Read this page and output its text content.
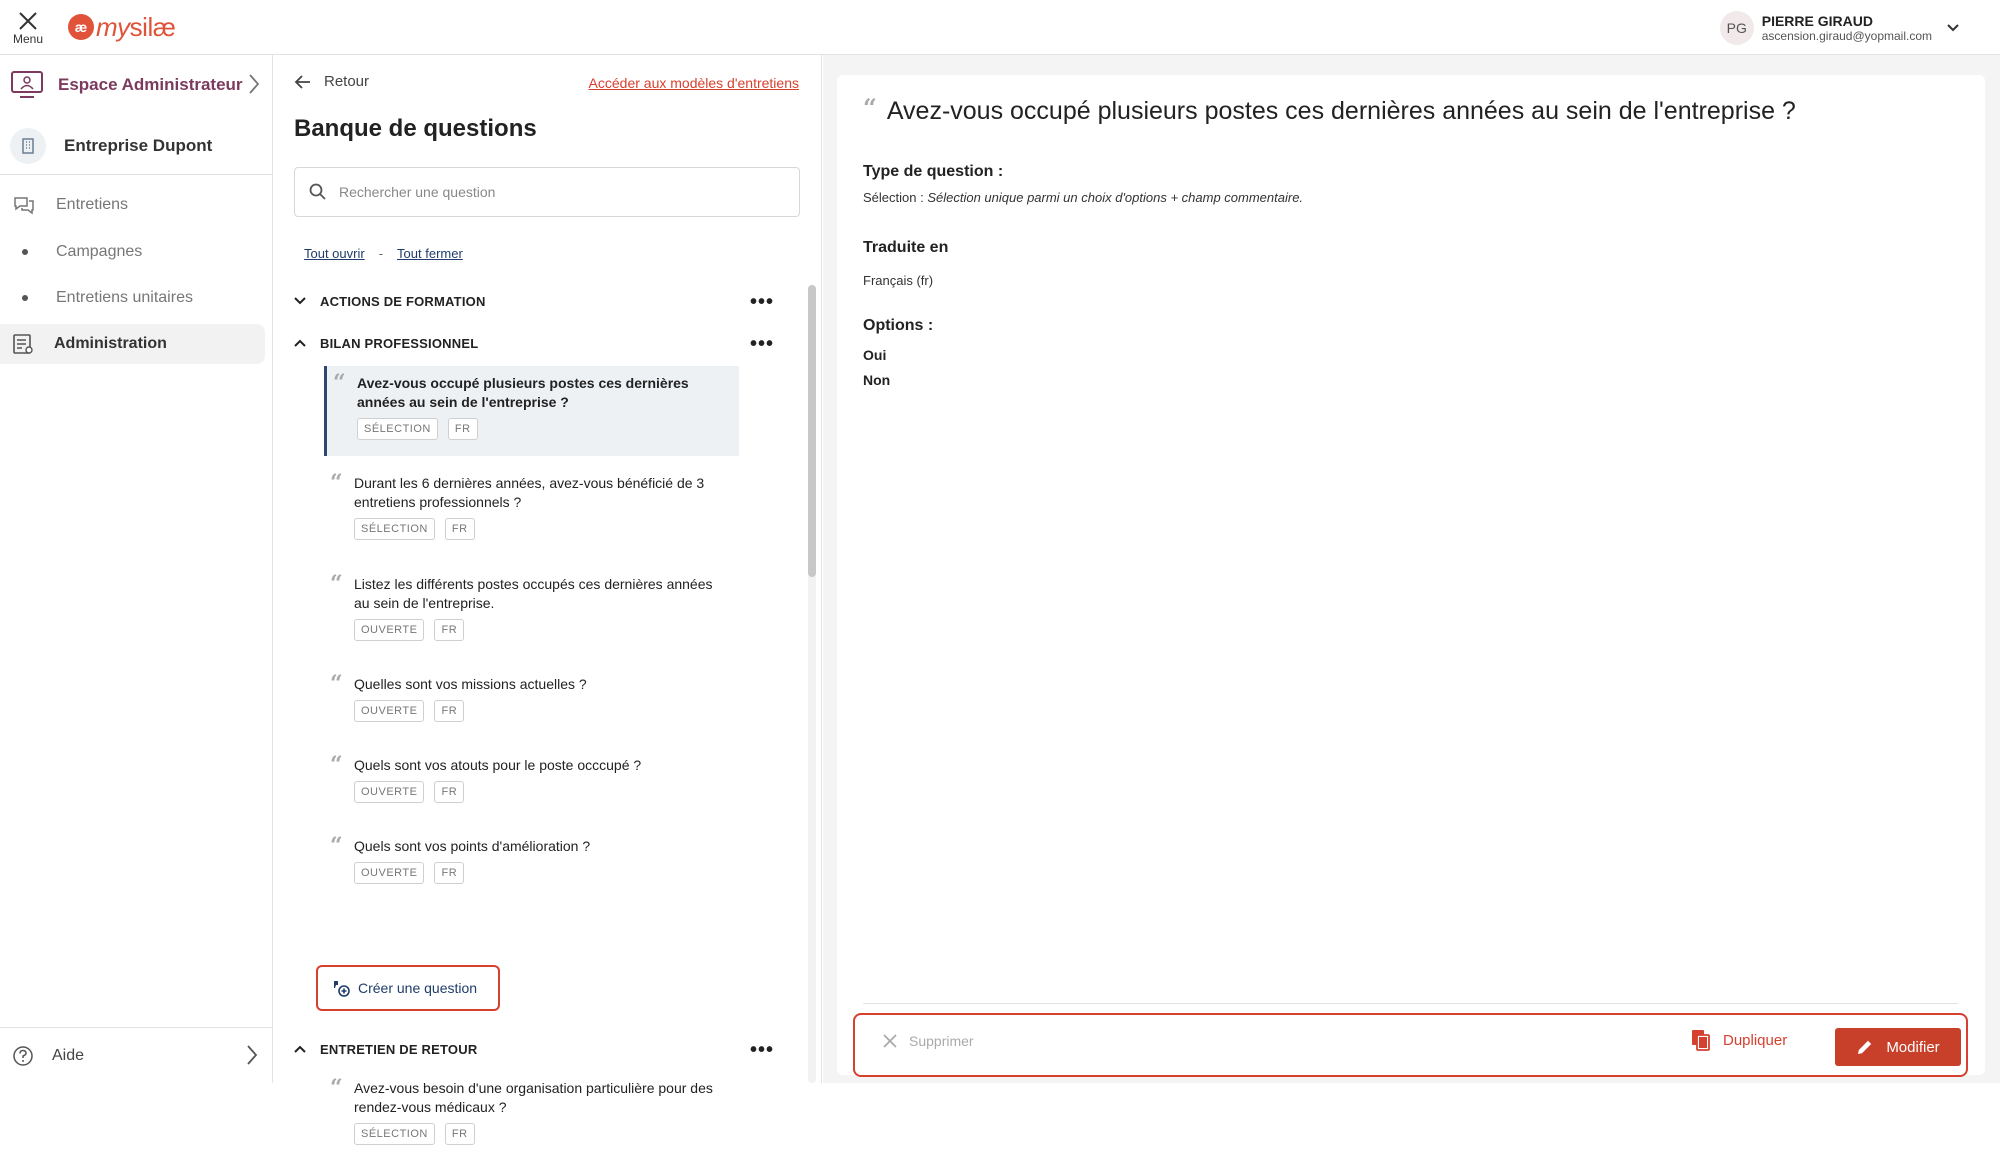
Menu
æ mysilæ	PG	PIERRE GIRAUD
ascension.giraud@yopmail.com
Espace Administrateur
Entreprise Dupont
Entretiens
Campagnes
Entretiens unitaires
Administration
Aide
Retour	Accéder aux modèles d'entretiens
Banque de questions
Rechercher une question
Tout ouvrir - Tout fermer
ACTIONS DE FORMATION	•••
BILAN PROFESSIONNEL	•••
“ Avez-vous occupé plusieurs postes ces dernières années au sein de l'entreprise ?
SÉLECTION	FR
“ Durant les 6 dernières années, avez-vous bénéficié de 3 entretiens professionnels ?
SÉLECTION	FR
“ Listez les différents postes occupés ces dernières années au sein de l'entreprise.
OUVERTE	FR
“ Quelles sont vos missions actuelles ?
OUVERTE	FR
“ Quels sont vos atouts pour le poste occcupé ?
OUVERTE	FR
“ Quels sont vos points d'amélioration ?
OUVERTE	FR
Créer une question
ENTRETIEN DE RETOUR	•••
“ Avez-vous besoin d'une organisation particulière pour des rendez-vous médicaux ?
SÉLECTION	FR
“ Avez-vous occupé plusieurs postes ces dernières années au sein de l'entreprise ?
Type de question :
Sélection : Sélection unique parmi un choix d'options + champ commentaire.
Traduite en
Français (fr)
Options :
Oui
Non
Supprimer	Dupliquer	Modifier
